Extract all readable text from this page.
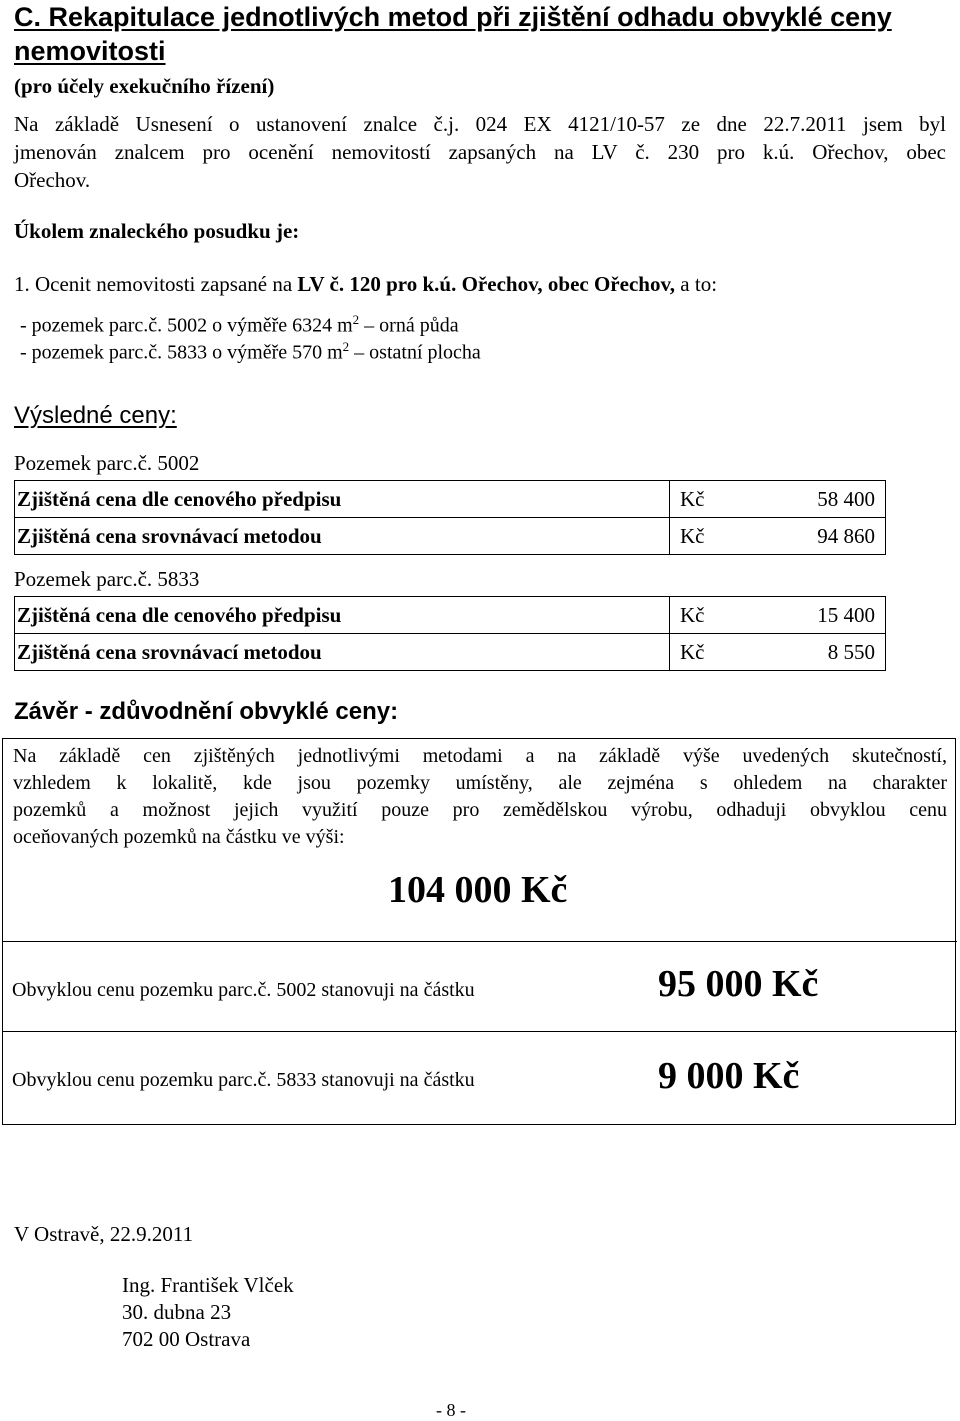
C. Rekapitulace jednotlivých metod při zjištění odhadu obvyklé ceny nemovitosti
(pro účely exekučního řízení)
Na základě Usnesení o ustanovení znalce č.j. 024 EX 4121/10-57 ze dne 22.7.2011 jsem byl
jmenován znalcem pro ocenění nemovitostí zapsaných na LV č. 230 pro k.ú. Ořechov, obec
Ořechov.
Úkolem znaleckého posudku je:
1. Ocenit nemovitosti zapsané na LV č. 120 pro k.ú. Ořechov, obec Ořechov, a to:
- pozemek parc.č. 5002 o výměře 6324 $m^2$ – orná půda
- pozemek parc.č. 5833 o výměře 570 $m^2$ – ostatní plocha
Výsledné ceny:
Pozemek parc.č. 5002
Zjištěná cena dle cenového předpisu	Kč	58 400
Zjištěná cena srovnávací metodou	Kč	94 860
Pozemek parc.č. 5833
Zjištěná cena dle cenového předpisu	Kč	15 400
Zjištěná cena srovnávací metodou	Kč	8 550
Závěr - zdůvodnění obvyklé ceny:
Na základě cen zjištěných jednotlivými metodami a na základě výše uvedených skutečností,
vzhledem k lokalitě, kde jsou pozemky umístěny, ale zejména s ohledem na charakter
pozemků a možnost jejich využití pouze pro zemědělskou výrobu, odhaduji obvyklou cenu
oceňovaných pozemků na částku ve výši:
104 000 Kč
Obvyklou cenu pozemku parc.č. 5002 stanovuji na částku	95 000 Kč
Obvyklou cenu pozemku parc.č. 5833 stanovuji na částku	9 000 Kč
V Ostravě, 22.9.2011
Ing. František Vlček
30. dubna 23
702 00 Ostrava
- 8 -
